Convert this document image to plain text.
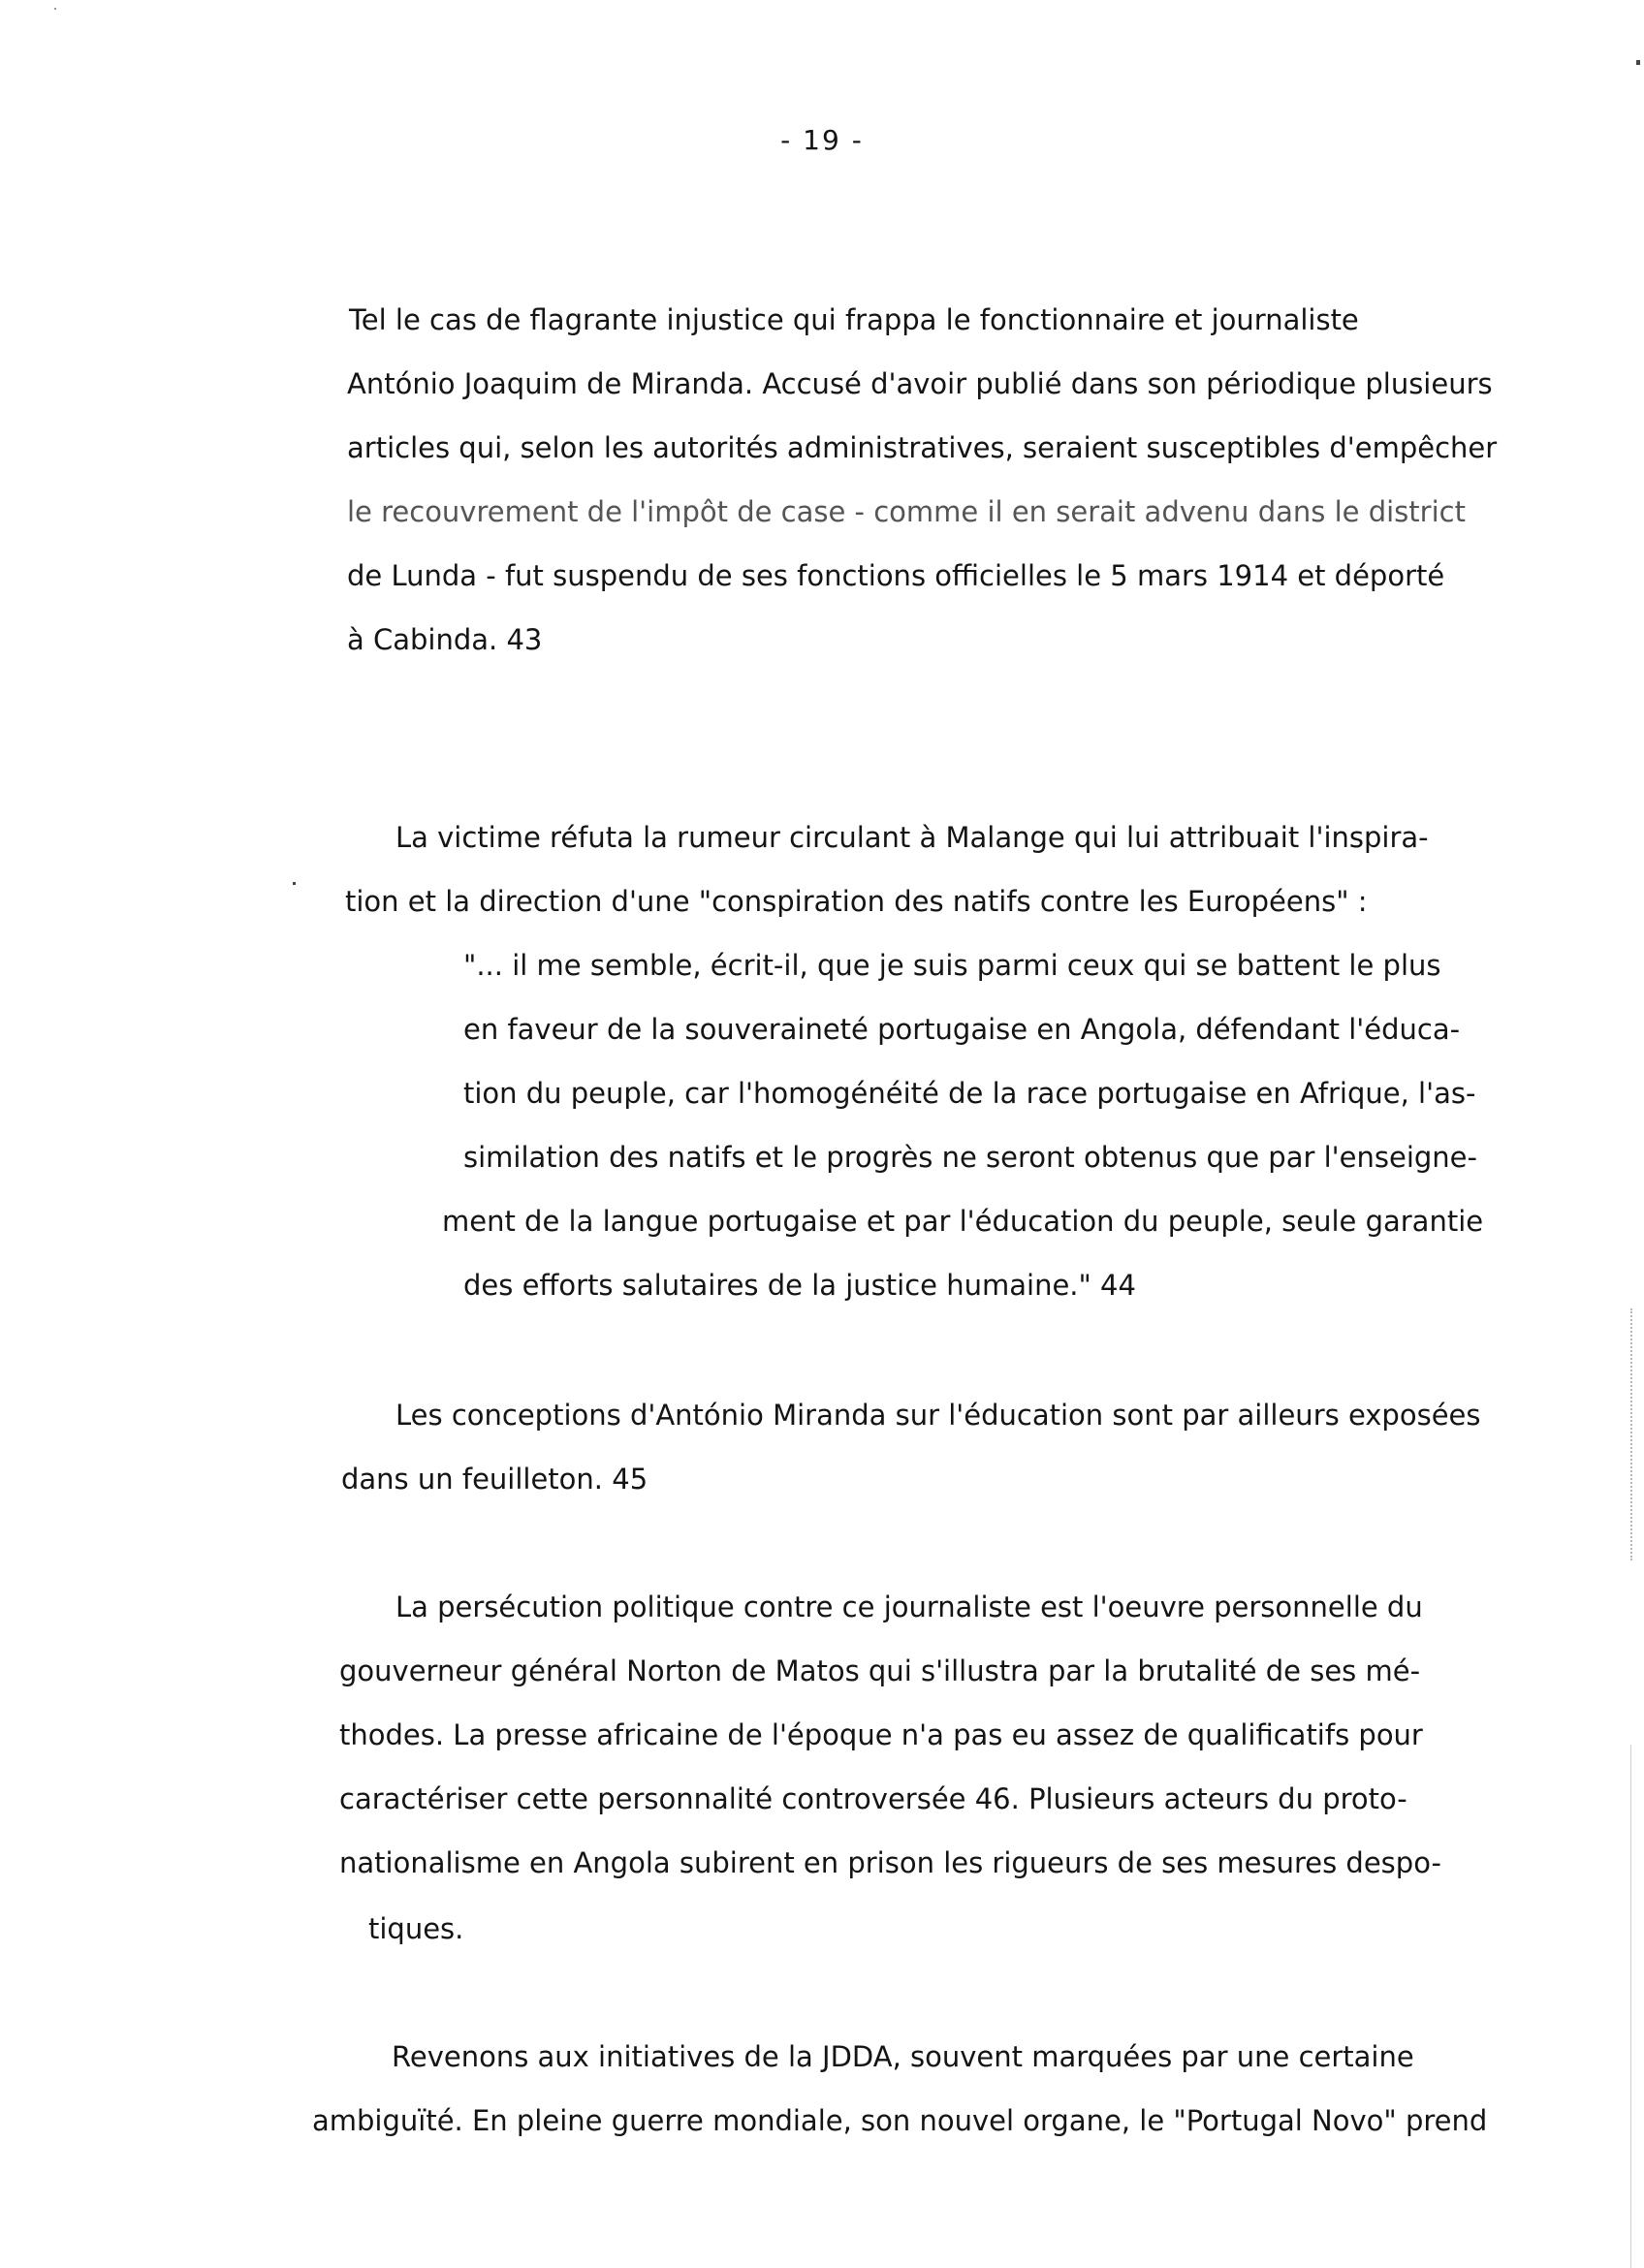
- 19 -
Tel le cas de flagrante injustice qui frappa le fonctionnaire et journaliste
António Joaquim de Miranda. Accusé d'avoir publié dans son périodique plusieurs
articles qui, selon les autorités administratives, seraient susceptibles d'empêcher
le recouvrement de l'impôt de case - comme il en serait advenu dans le district
de Lunda - fut suspendu de ses fonctions officielles le 5 mars 1914 et déporté
à Cabinda. 43
La victime réfuta la rumeur circulant à Malange qui lui attribuait l'inspira-
tion et la direction d'une "conspiration des natifs contre les Européens" :
"... il me semble, écrit-il, que je suis parmi ceux qui se battent le plus
en faveur de la souveraineté portugaise en Angola, défendant l'éduca-
tion du peuple, car l'homogénéité de la race portugaise en Afrique, l'as-
similation des natifs et le progrès ne seront obtenus que par l'enseigne-
ment de la langue portugaise et par l'éducation du peuple, seule garantie
des efforts salutaires de la justice humaine." 44
Les conceptions d'António Miranda sur l'éducation sont par ailleurs exposées
dans un feuilleton. 45
La persécution politique contre ce journaliste est l'oeuvre personnelle du
gouverneur général Norton de Matos qui s'illustra par la brutalité de ses mé-
thodes. La presse africaine de l'époque n'a pas eu assez de qualificatifs pour
caractériser cette personnalité controversée 46. Plusieurs acteurs du proto-
nationalisme en Angola subirent en prison les rigueurs de ses mesures despo-
tiques.
Revenons aux initiatives de la JDDA, souvent marquées par une certaine
ambiguïté. En pleine guerre mondiale, son nouvel organe, le "Portugal Novo" prend
